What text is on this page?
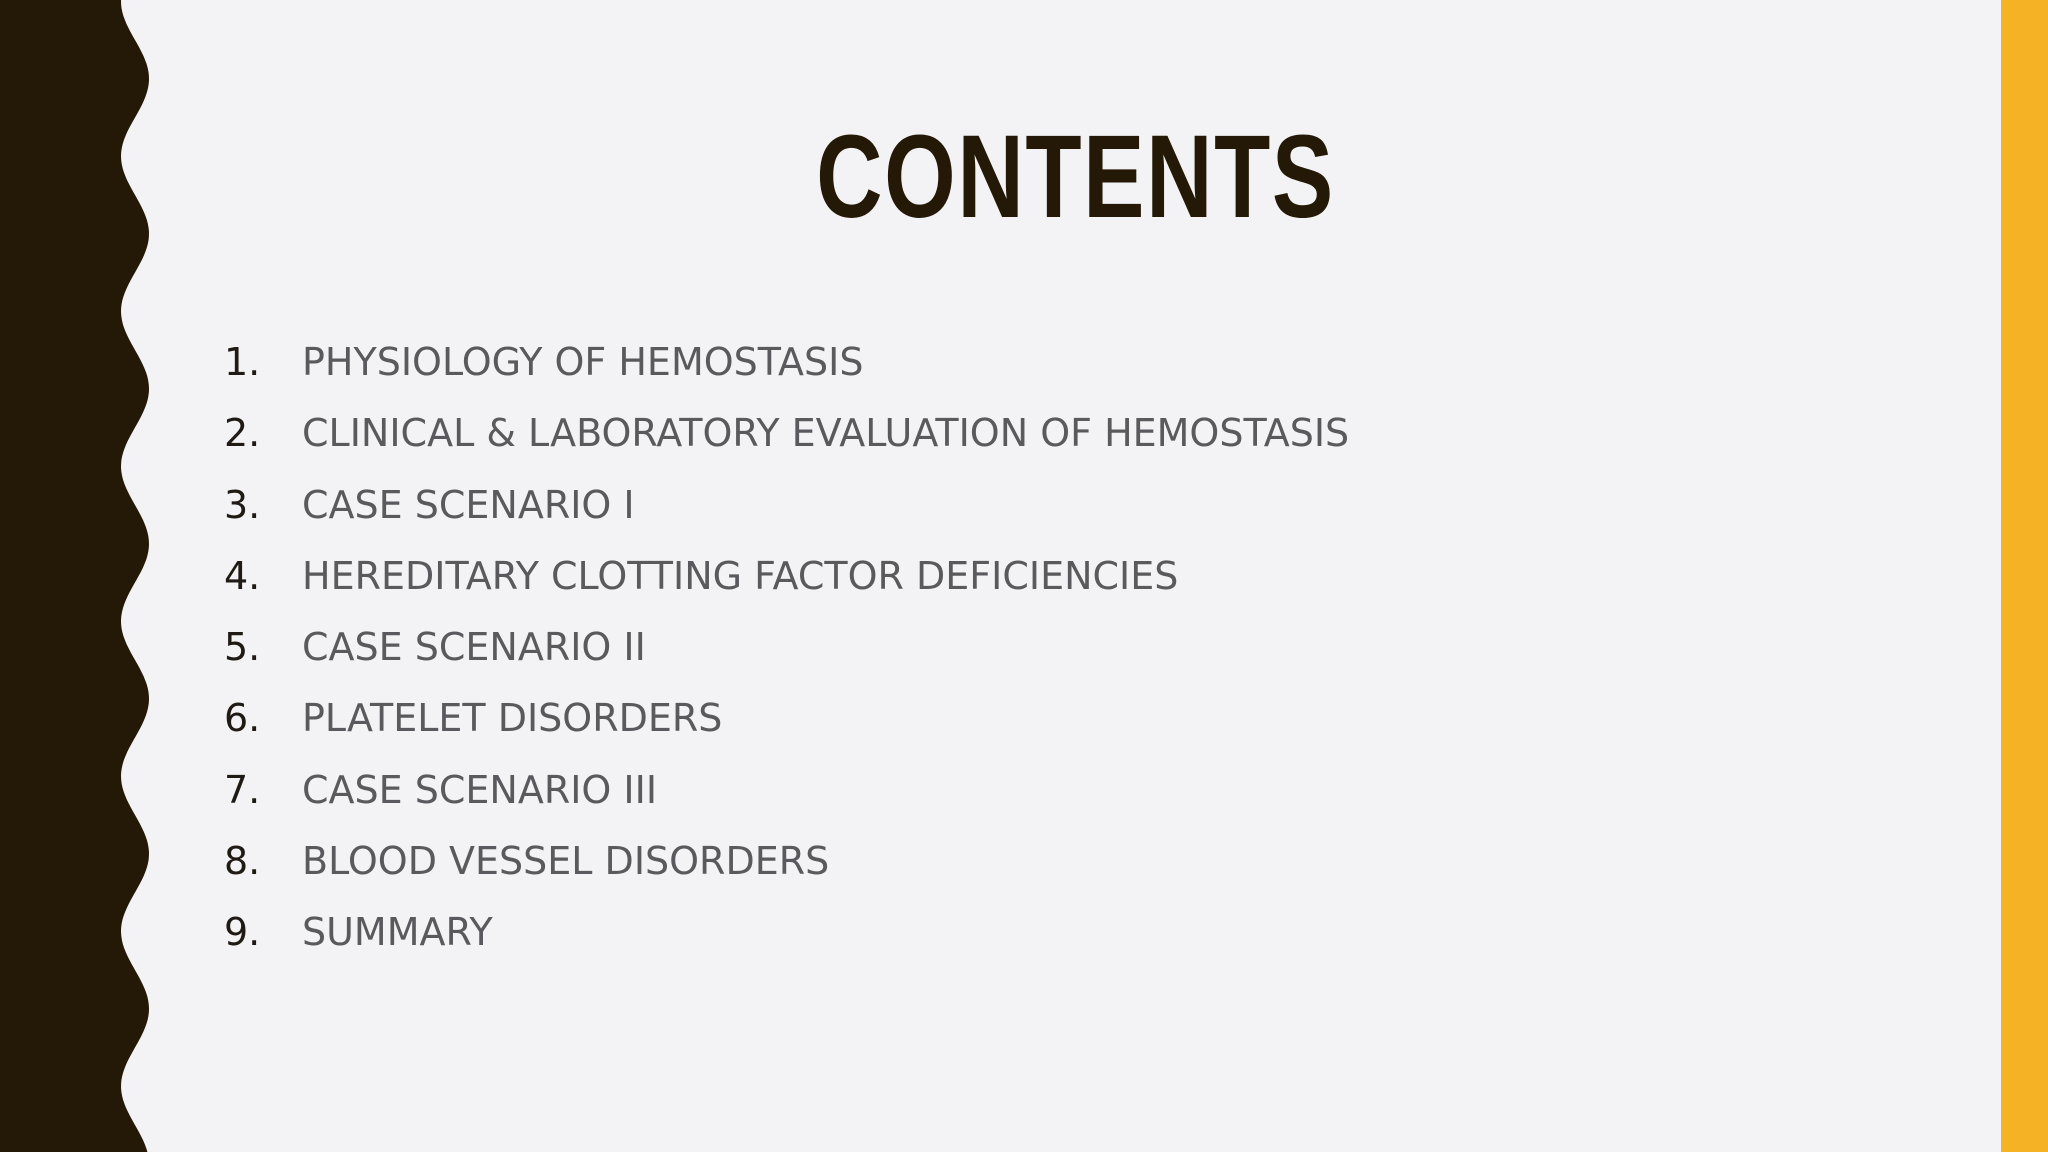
CONTENTS
1.	PHYSIOLOGY OF HEMOSTASIS
2.	CLINICAL & LABORATORY EVALUATION OF HEMOSTASIS
3.	CASE SCENARIO I
4.	HEREDITARY CLOTTING FACTOR DEFICIENCIES
5.	CASE SCENARIO II
6.	PLATELET DISORDERS
7.	CASE SCENARIO III
8.	BLOOD VESSEL DISORDERS
9.	SUMMARY
